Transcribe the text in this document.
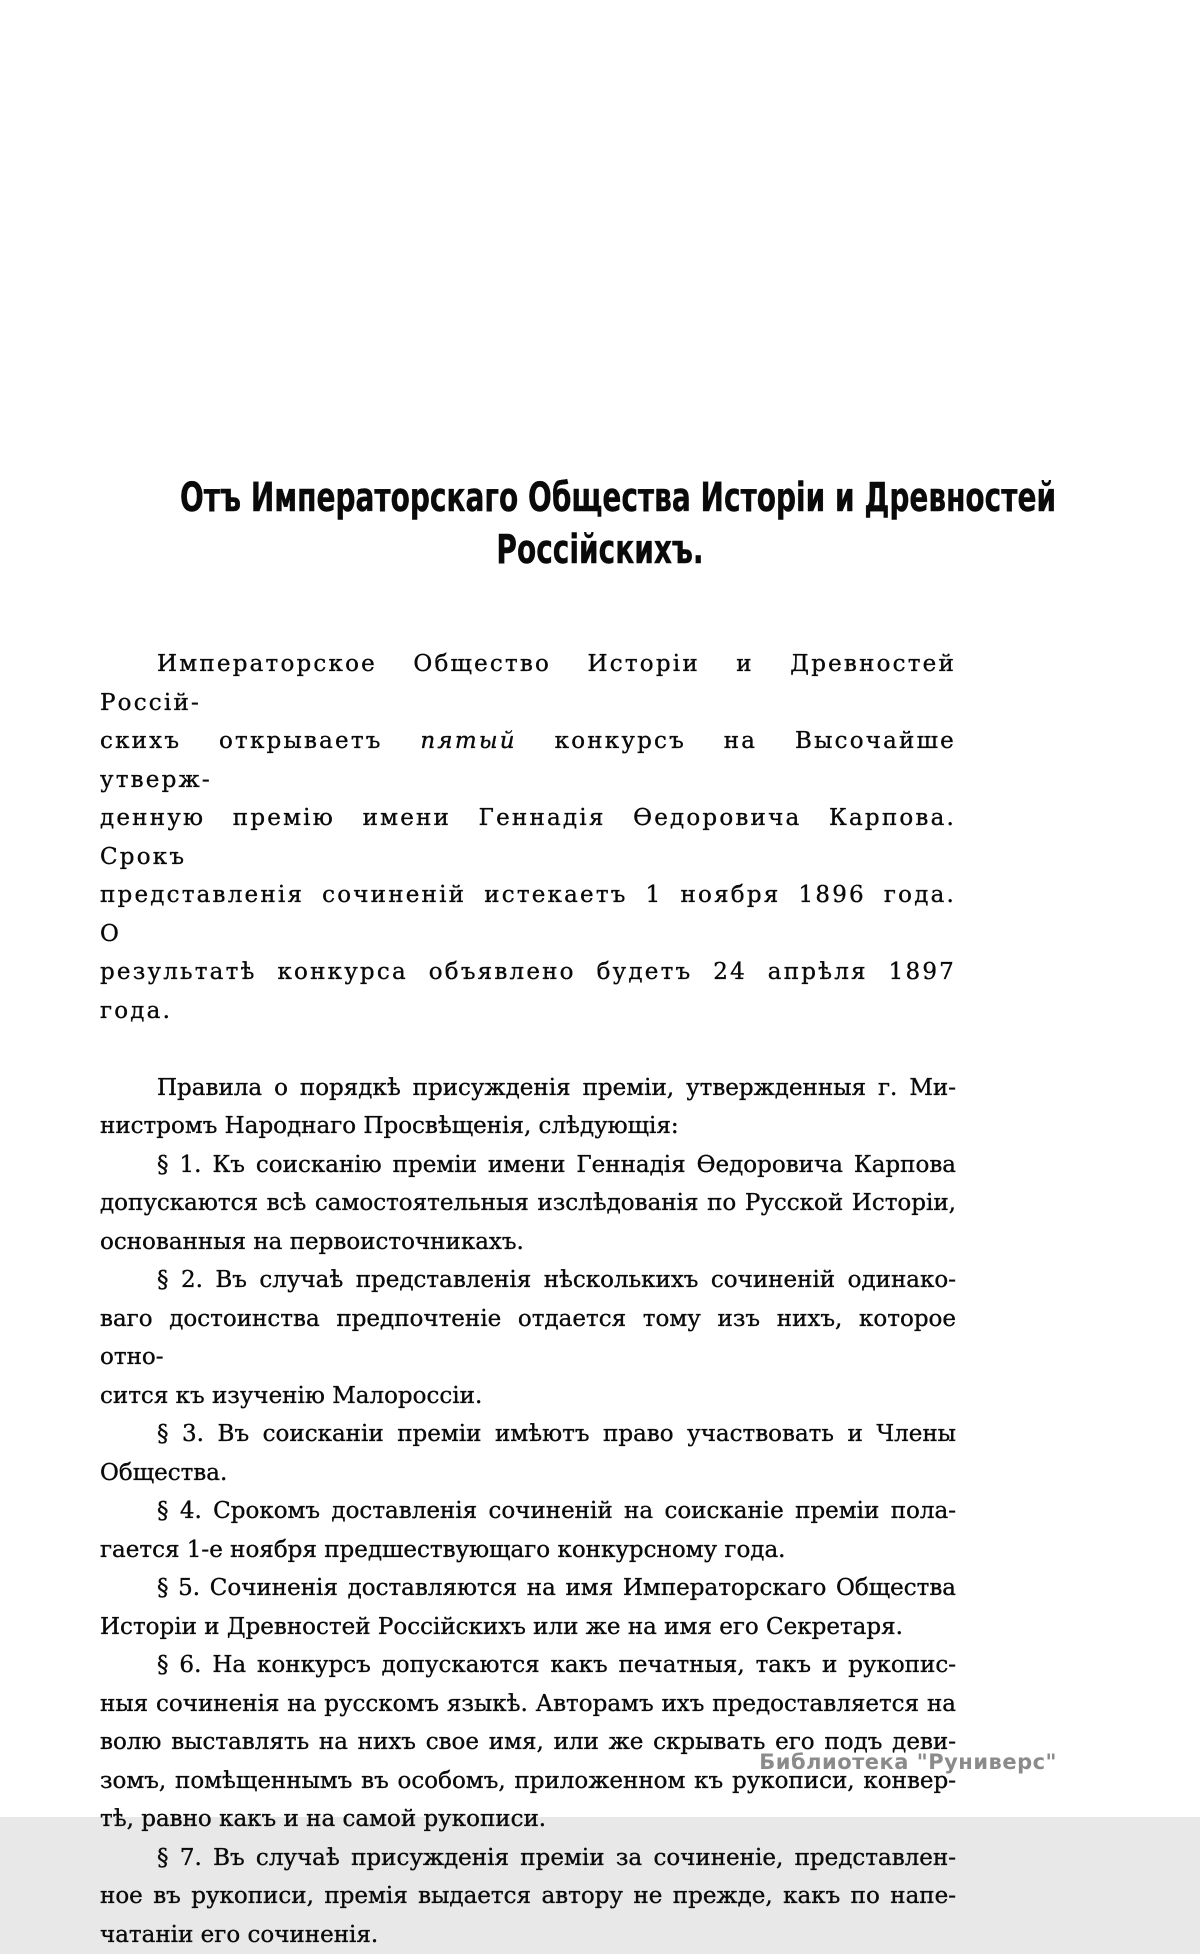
Отъ Императорскаго Общества Исторіи и Древностей
Россійскихъ.
Императорское Общество Исторіи и Древностей Россій-
скихъ открываетъ пятый конкурсъ на Высочайше утверж-
денную премію имени Геннадія Ѳедоровича Карпова. Срокъ
представленія сочиненій истекаетъ 1 ноября 1896 года. О
результатѣ конкурса объявлено будетъ 24 апрѣля 1897 года.
Правила о порядкѣ присужденія преміи, утвержденныя г. Ми-
нистромъ Народнаго Просвѣщенія, слѣдующія:
§ 1. Къ соисканію преміи имени Геннадія Ѳедоровича Карпова
допускаются всѣ самостоятельныя изслѣдованія по Русской Исторіи,
основанныя на первоисточникахъ.
§ 2. Въ случаѣ представленія нѣсколькихъ сочиненій одинако-
ваго достоинства предпочтеніе отдается тому изъ нихъ, которое отно-
сится къ изученію Малороссіи.
§ 3. Въ соисканіи преміи имѣютъ право участвовать и Члены
Общества.
§ 4. Срокомъ доставленія сочиненій на соисканіе преміи пола-
гается 1-е ноября предшествующаго конкурсному года.
§ 5. Сочиненія доставляются на имя Императорскаго Общества
Исторіи и Древностей Россійскихъ или же на имя его Секретаря.
§ 6. На конкурсъ допускаются какъ печатныя, такъ и рукопис-
ныя сочиненія на русскомъ языкѣ. Авторамъ ихъ предоставляется на
волю выставлять на нихъ свое имя, или же скрывать его подъ деви-
зомъ, помѣщеннымъ въ особомъ, приложенном къ рукописи, конвер-
тѣ, равно какъ и на самой рукописи.
§ 7. Въ случаѣ присужденія преміи за сочиненіе, представлен-
ное въ рукописи, премія выдается автору не прежде, какъ по напе-
чатаніи его сочиненія.
Библиотека "Руниверс"
